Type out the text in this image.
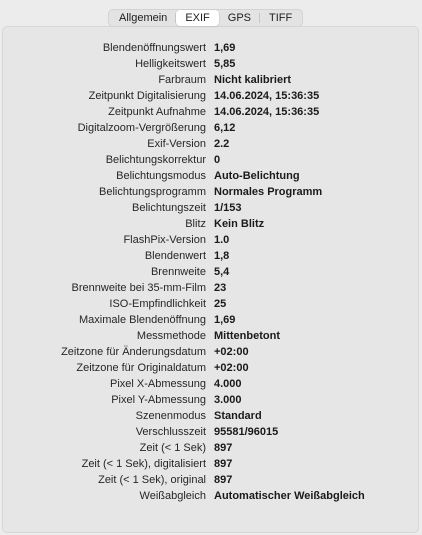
Blendenöffnungswert 1,69
Helligkeitswert 5,85
Farbraum Nicht kalibriert
Zeitpunkt Digitalisierung 14.06.2024, 15:36:35
Zeitpunkt Aufnahme 14.06.2024, 15:36:35
Digitalzoom-Vergrößerung 6,12
Exif-Version 2.2
Belichtungskorrektur 0
Belichtungsmodus Auto-Belichtung
Belichtungsprogramm Normales Programm
Belichtungszeit 1/153
Blitz Kein Blitz
FlashPix-Version 1.0
Blendenwert 1,8
Brennweite 5,4
Brennweite bei 35-mm-Film 23
ISO-Empfindlichkeit 25
Maximale Blendenöffnung 1,69
Messmethode Mittenbetont
Zeitzone für Änderungsdatum +02:00
Zeitzone für Originaldatum +02:00
Pixel X-Abmessung 4.000
Pixel Y-Abmessung 3.000
Szenenmodus Standard
Verschlusszeit 95581/96015
Zeit (< 1 Sek) 897
Zeit (< 1 Sek), digitalisiert 897
Zeit (< 1 Sek), original 897
Weißabgleich Automatischer Weißabgleich
Allgemein	EXIF	GPS	TIFF
